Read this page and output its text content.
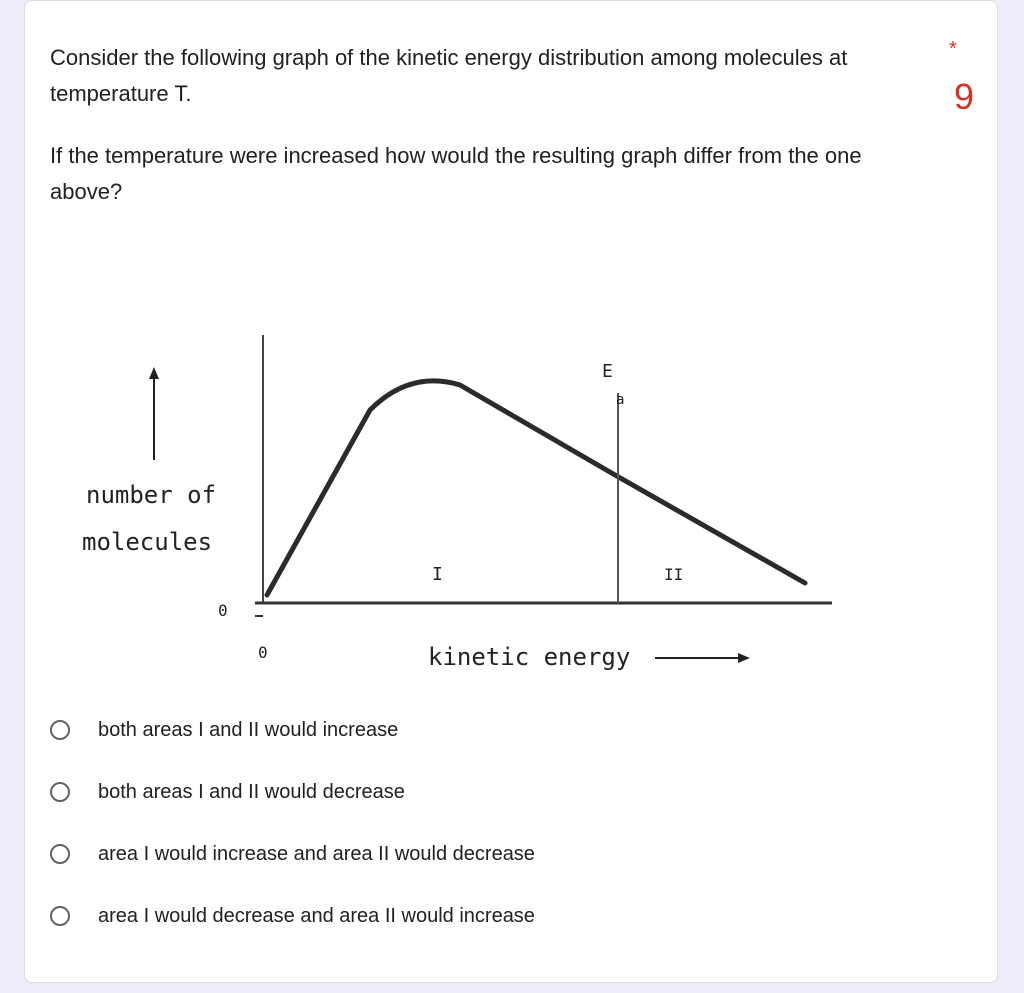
Consider the following graph of the kinetic energy distribution among molecules at temperature T.

*
9

If the temperature were increased how would the resulting graph differ from the one above?

number of
molecules
0
0
E
a
I	II
kinetic energy
both areas I and II would increase
both areas I and II would decrease
area I would increase and area II would decrease
area I would decrease and area II would increase
